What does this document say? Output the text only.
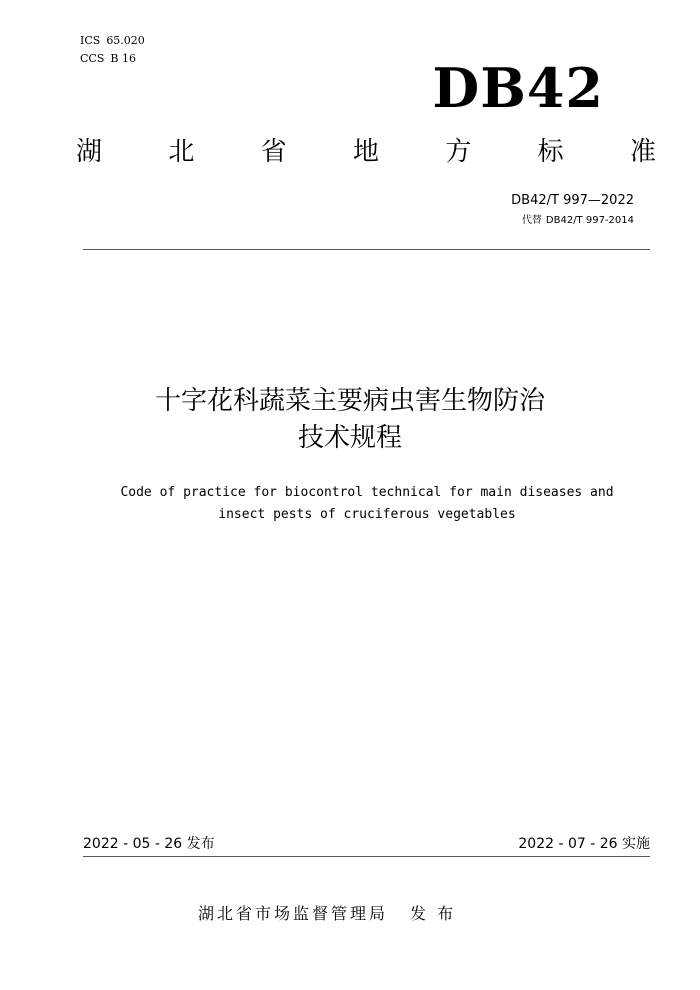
ICS 65.020
CCS B 16	DB42
湖	北	省	地	方	标	准
DB42/T 997—2022
代替 DB42/T 997-2014
十字花科蔬菜主要病虫害生物防治
技术规程
Code of practice for biocontrol technical for main diseases and
insect pests of cruciferous vegetables
2022 - 05 - 26 发布	2022 - 07 - 26 实施
湖北省市场监督管理局 发 布
